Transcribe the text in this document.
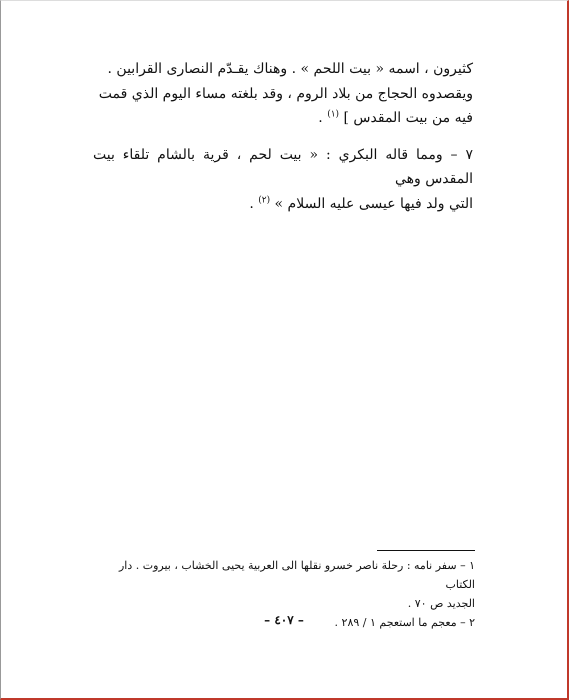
كثيرون ، اسمه « بيت اللحم » . وهناك يقـدّم النصارى القرابين .

ويقصدوه الحجاج من بلاد الروم ، وقد بلغته مساء اليوم الذي قمت

فيه من بيت المقدس ] $^{(١)}$ .

٧ – ومما قاله البكري : « بيت لحم ، قرية بالشام تلقاء بيت المقدس وهي

التي ولد فيها عيسى عليه السلام » $^{(٢)}$ .

١ – سفر نامه : رحلة ناصر خسرو نقلها الى العربية يحيى الخشاب ، بيروت . دار الكتاب

الجديد ص ٧٠ .

٢ – معجم ما استعجم ١ / ٢٨٩ .

– ٤٠٧ –
